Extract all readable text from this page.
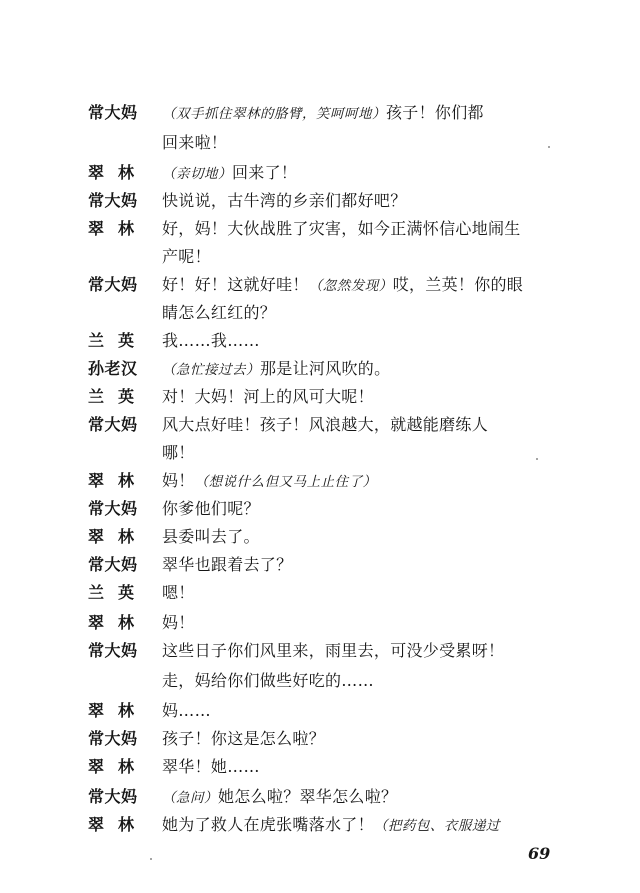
常大妈	（双手抓住翠林的胳臂，笑呵呵地）孩子！你们都
回来啦！
翠林 （亲切地）回来了！
常大妈	快说说，古牛湾的乡亲们都好吧？
翠林 好，妈！大伙战胜了灾害，如今正满怀信心地闹生
产呢！
常大妈	好！好！这就好哇！（忽然发现）哎，兰英！你的眼
睛怎么红红的？
兰英 我……我……
孙老汉	（急忙接过去）那是让河风吹的。
兰英 对！大妈！河上的风可大呢！
常大妈	风大点好哇！孩子！风浪越大，就越能磨练人
哪！
翠林 妈！（想说什么但又马上止住了）
常大妈	你爹他们呢？
翠林 县委叫去了。
常大妈	翠华也跟着去了？
兰英 嗯！
翠林 妈！
常大妈	这些日子你们风里来，雨里去，可没少受累呀！
走，妈给你们做些好吃的……
翠林 妈……
常大妈	孩子！你这是怎么啦？
翠林 翠华！她……
常大妈	（急问）她怎么啦？翠华怎么啦？
翠林 她为了救人在虎张嘴落水了！（把药包、衣服递过
69
